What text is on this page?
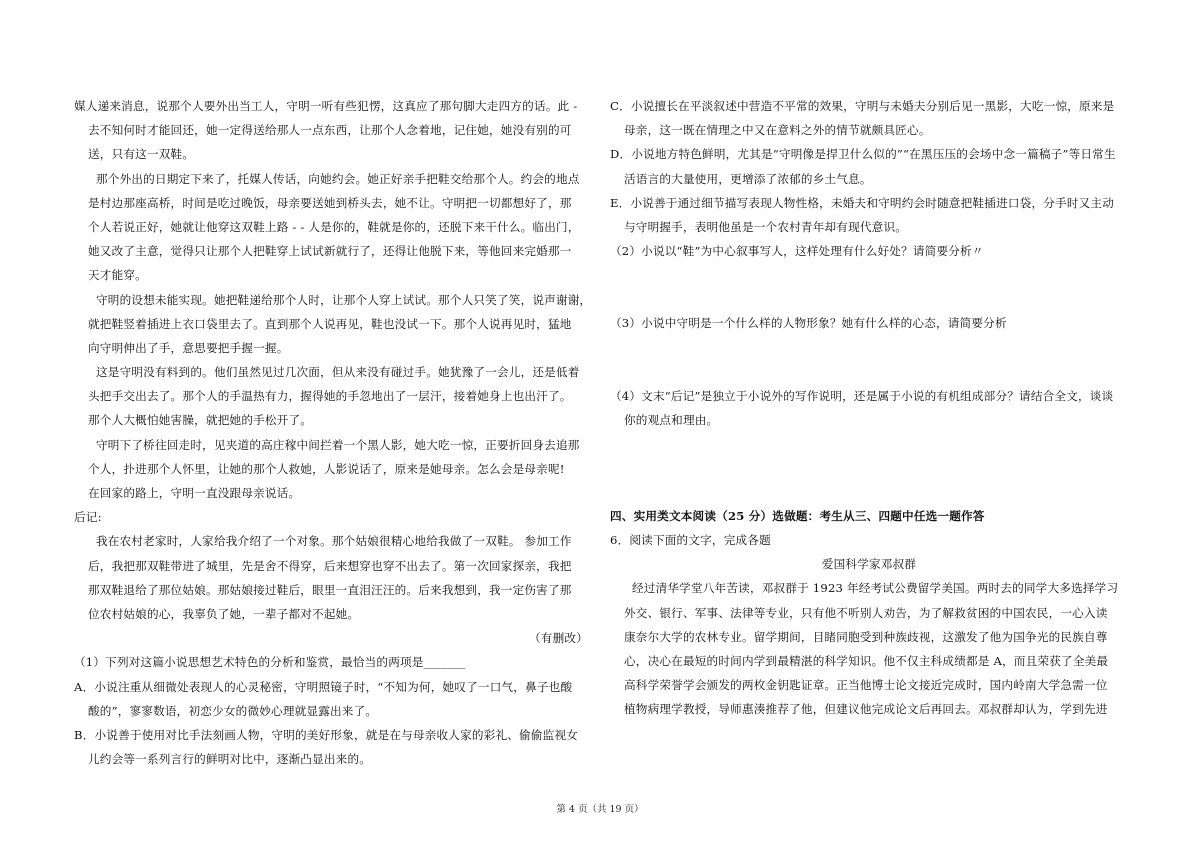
媒人递来消息，说那个人要外出当工人，守明一听有些犯愣，这真应了那句脚大走四方的话。此 -
去不知何时才能回还，她一定得送给那人一点东西，让那个人念着地，记住她，她没有别的可
送，只有这一双鞋。
那个外出的日期定下来了，托媒人传话，向她约会。她正好亲手把鞋交给那个人。约会的地点
是村边那座高桥，时间是吃过晚饭，母亲要送她到桥头去，她不让。守明把一切都想好了，那
个人若说正好，她就让他穿这双鞋上路 - - 人是你的，鞋就是你的，还脱下来干什么。临出门，
她又改了主意，觉得只让那个人把鞋穿上试试新就行了，还得让他脱下来，等他回来完婚那一
天才能穿。
守明的设想未能实现。她把鞋递给那个人时，让那个人穿上试试。那个人只笑了笑，说声谢谢，
就把鞋竖着插进上衣口袋里去了。直到那个人说再见，鞋也没试一下。那个人说再见时，猛地
向守明伸出了手，意思要把手握一握。
这是守明没有料到的。他们虽然见过几次面，但从来没有碰过手。她犹豫了一会儿，还是低着
头把手交出去了。那个人的手温热有力，握得她的手忽地出了一层汗，接着她身上也出汗了。
那个人大概怕她害臊，就把她的手松开了。
守明下了桥往回走时，见夹道的高庄稼中间拦着一个黑人影，她大吃一惊，正要折回身去追那
个人，扑进那个人怀里，让她的那个人救她，人影说话了，原来是她母亲。怎么会是母亲呢!
在回家的路上，守明一直没跟母亲说话。
后记:
我在农村老家时，人家给我介绍了一个对象。那个姑娘很精心地给我做了一双鞋。 参加工作
后，我把那双鞋带进了城里，先是舍不得穿，后来想穿也穿不出去了。第一次回家探亲，我把
那双鞋退给了那位姑娘。那姑娘接过鞋后，眼里一直泪汪汪的。后来我想到，我一定伤害了那
位农村姑娘的心，我辜负了她，一辈子都对不起她。
（有删改）
（1）下列对这篇小说思想艺术特色的分析和鉴赏，最恰当的两项是_______
A．小说注重从细微处表现人的心灵秘密，守明照镜子时，“不知为何，她叹了一口气，鼻子也酸
酸的”，寥寥数语，初恋少女的微妙心理就显露出来了。
B．小说善于使用对比手法刻画人物，守明的美好形象，就是在与母亲收人家的彩礼、偷偷监视女
儿约会等一系列言行的鲜明对比中，逐渐凸显出来的。
C．小说擅长在平淡叙述中营造不平常的效果，守明与未婚夫分别后见一黑影，大吃一惊，原来是
母亲，这一既在情理之中又在意料之外的情节就颇具匠心。
D．小说地方特色鲜明，尤其是“守明像是捍卫什么似的”“在黑压压的会场中念一篇稿子”等日常生
活语言的大量使用，更增添了浓郁的乡土气息。
E．小说善于通过细节描写表现人物性格，未婚夫和守明约会时随意把鞋插进口袋，分手时又主动
与守明握手，表明他虽是一个农村青年却有现代意识。
（2）小说以“鞋”为中心叙事写人，这样处理有什么好处？请简要分析〃
（3）小说中守明是一个什么样的人物形象？她有什么样的心态，请简要分析
（4）文末“后记”是独立于小说外的写作说明，还是属于小说的有机组成部分？请结合全文，谈谈
你的观点和理由。
四、实用类文本阅读（25 分）选做题：考生从三、四题中任选一题作答
6．阅读下面的文字，完成各题
爱国科学家邓叔群
经过清华学堂八年苦读，邓叔群于 1923 年经考试公费留学美国。两时去的同学大多选择学习
外交、银行、军事、法律等专业，只有他不听别人劝告，为了解救贫困的中国农民，一心入读
康奈尔大学的农林专业。留学期间，目睹同胞受到种族歧视，这激发了他为国争光的民族自尊
心，决心在最短的时间内学到最精湛的科学知识。他不仅主科成绩都是 A，而且荣获了全美最
高科学荣誉学会颁发的两枚金钥匙证章。正当他博士论文接近完成时，国内岭南大学急需一位
植物病理学教授，导师惠湊推荐了他，但建议他完成论文后再回去。邓叔群却认为，学到先进
第 4 页（共 19 页）
